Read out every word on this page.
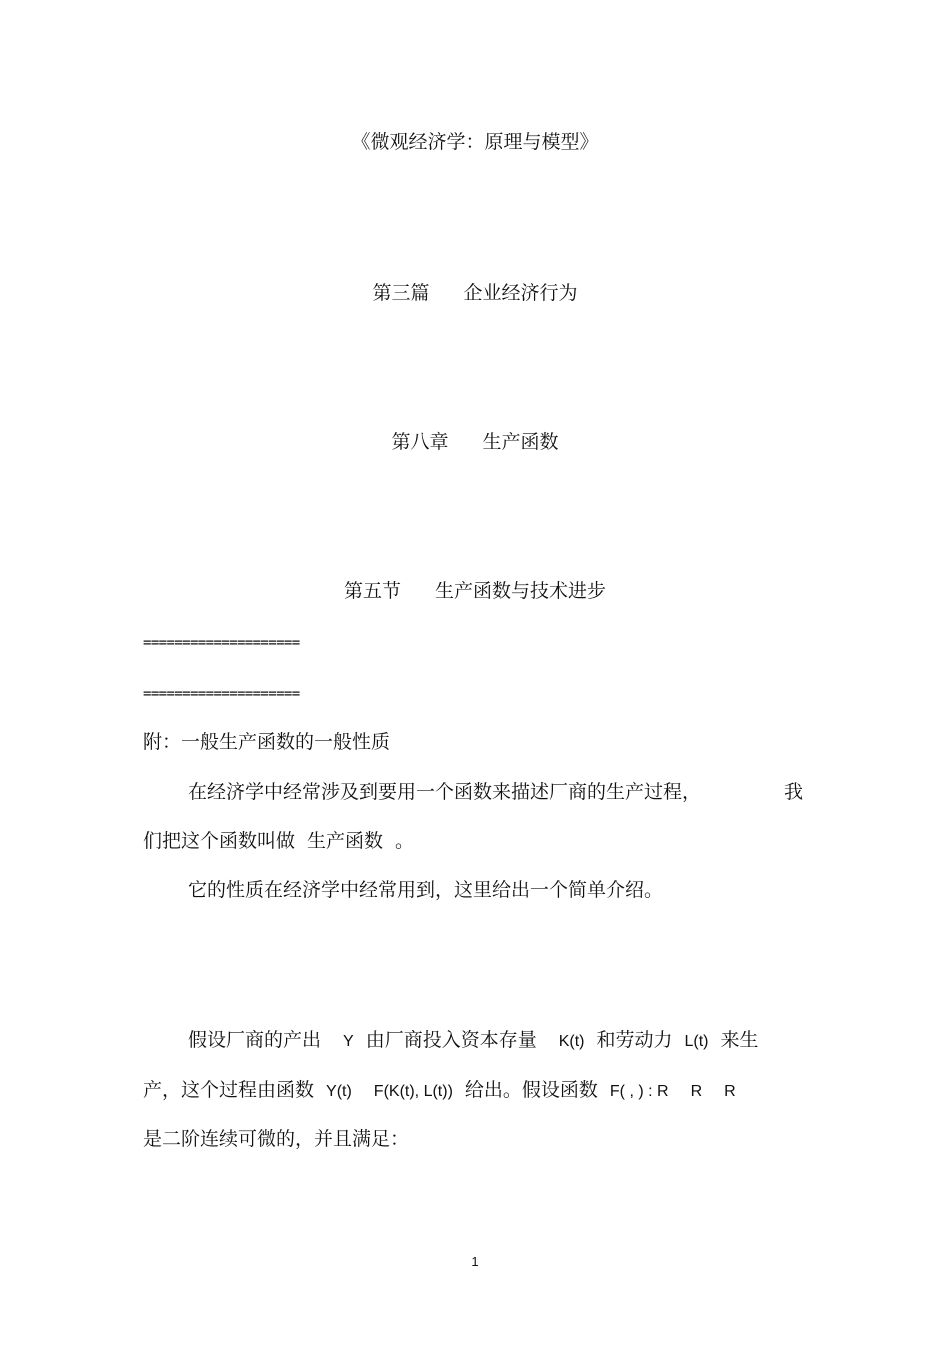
《微观经济学：原理与模型》
第三篇 企业经济行为
第八章 生产函数
第五节 生产函数与技术进步
====================
====================
附：一般生产函数的一般性质
在经济学中经常涉及到要用一个函数来描述厂商的生产过程，	我
们把这个函数叫做 生产函数 。
它的性质在经济学中经常用到，这里给出一个简单介绍。
假设厂商的产出 Y 由厂商投入资本存量 K(t) 和劳动力 L(t) 来生
产，这个过程由函数 Y(t) F(K(t), L(t)) 给出。假设函数 F( , ) : R R R
是二阶连续可微的，并且满足：
1
